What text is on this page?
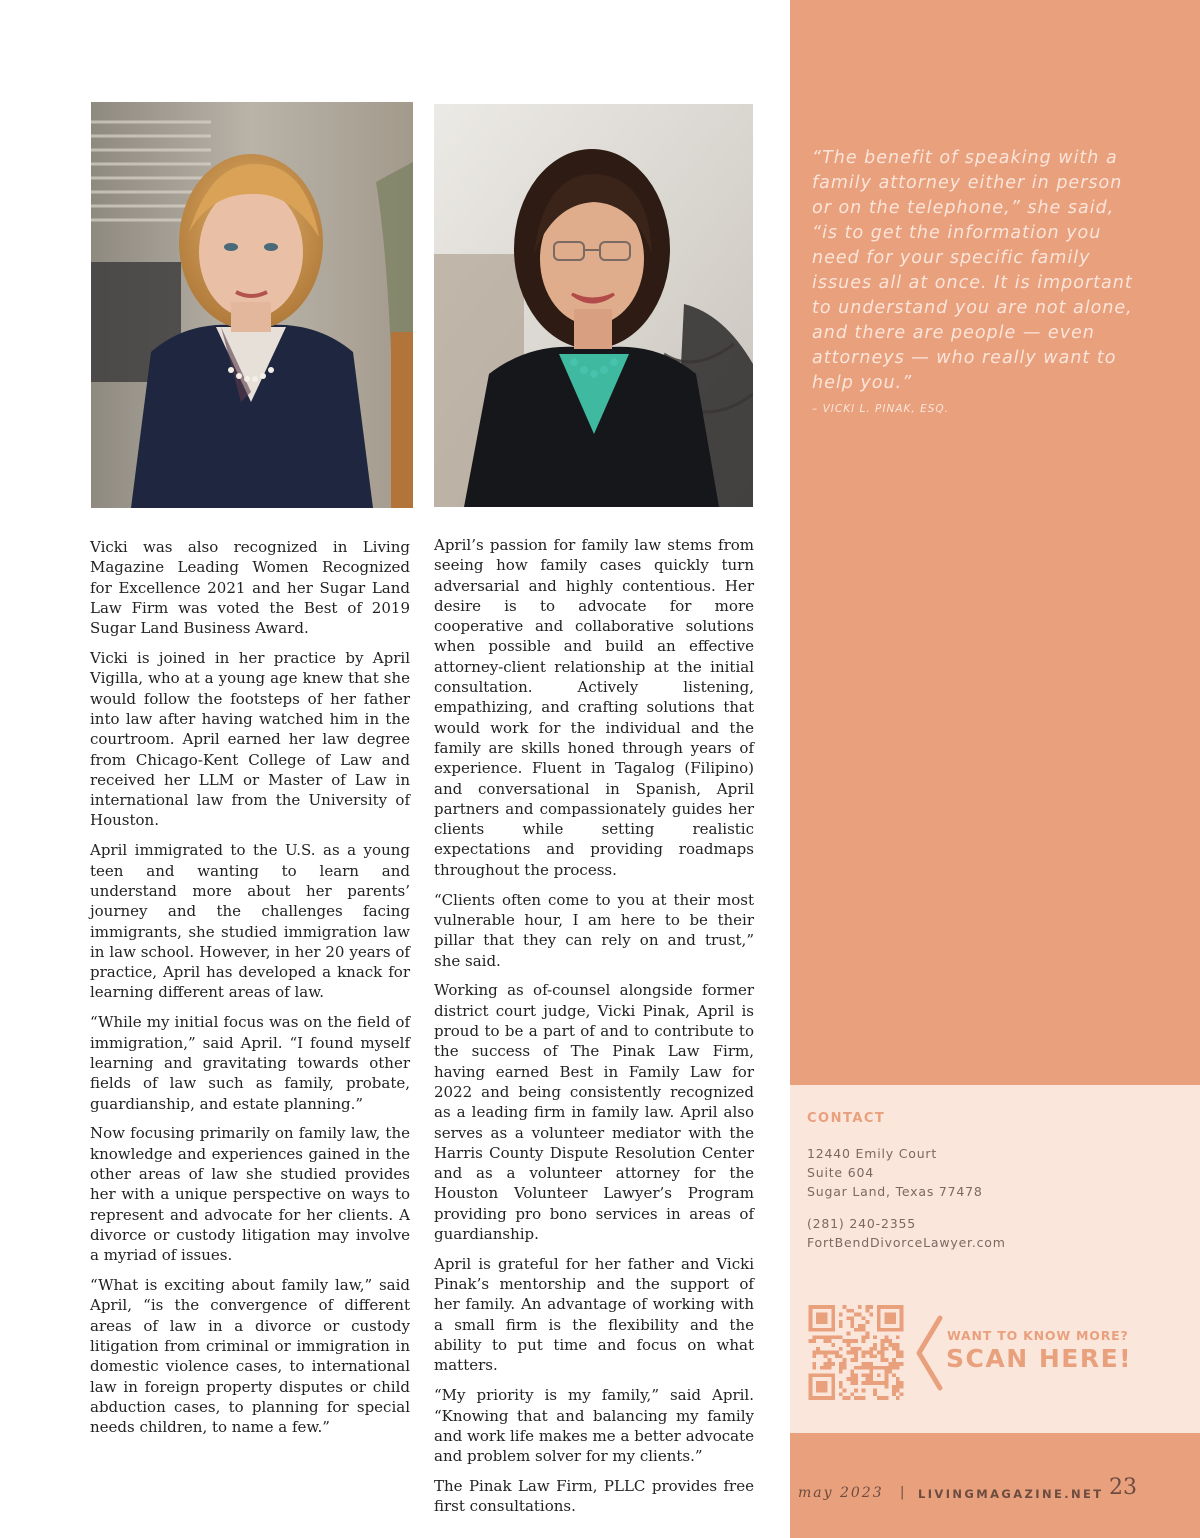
“The benefit of speaking with a family attorney either in person or on the telephone,” she said, “is to get the information you need for your specific family issues all at once. It is important to understand you are not alone, and there are people — even attorneys — who really want to help you.”
– VICKI L. PINAK, ESQ.
CONTACT
12440 Emily Court
Suite 604
Sugar Land, Texas 77478
(281) 240-2355
FortBendDivorceLawyer.com
WANT TO KNOW MORE?
SCAN HERE!
may 2023 | LIVINGMAGAZINE.NET 23

Vicki was also recognized in Living Magazine Leading Women Recognized for Excellence 2021 and her Sugar Land Law Firm was voted the Best of 2019 Sugar Land Business Award.

Vicki is joined in her practice by April Vigilla, who at a young age knew that she would follow the footsteps of her father into law after having watched him in the courtroom. April earned her law degree from Chicago-Kent College of Law and received her LLM or Master of Law in international law from the University of Houston.

April immigrated to the U.S. as a young teen and wanting to learn and understand more about her parents’ journey and the challenges facing immigrants, she studied immigration law in law school. However, in her 20 years of practice, April has developed a knack for learning different areas of law.

“While my initial focus was on the field of immigration,” said April. “I found myself learning and gravitating towards other fields of law such as family, probate, guardianship, and estate planning.”

Now focusing primarily on family law, the knowledge and experiences gained in the other areas of law she studied provides her with a unique perspective on ways to represent and advocate for her clients. A divorce or custody litigation may involve a myriad of issues.

“What is exciting about family law,” said April, “is the convergence of different areas of law in a divorce or custody litigation from criminal or immigration in domestic violence cases, to international law in foreign property disputes or child abduction cases, to planning for special needs children, to name a few.”

April’s passion for family law stems from seeing how family cases quickly turn adversarial and highly contentious. Her desire is to advocate for more cooperative and collaborative solutions when possible and build an effective attorney-client relationship at the initial consultation. Actively listening, empathizing, and crafting solutions that would work for the individual and the family are skills honed through years of experience. Fluent in Tagalog (Filipino) and conversational in Spanish, April partners and compassionately guides her clients while setting realistic expectations and providing roadmaps throughout the process.

“Clients often come to you at their most vulnerable hour, I am here to be their pillar that they can rely on and trust,” she said.

Working as of-counsel alongside former district court judge, Vicki Pinak, April is proud to be a part of and to contribute to the success of The Pinak Law Firm, having earned Best in Family Law for 2022 and being consistently recognized as a leading firm in family law. April also serves as a volunteer mediator with the Harris County Dispute Resolution Center and as a volunteer attorney for the Houston Volunteer Lawyer’s Program providing pro bono services in areas of guardianship.

April is grateful for her father and Vicki Pinak’s mentorship and the support of her family. An advantage of working with a small firm is the flexibility and the ability to put time and focus on what matters.

“My priority is my family,” said April. “Knowing that and balancing my family and work life makes me a better advocate and problem solver for my clients.”

The Pinak Law Firm, PLLC provides free first consultations.
